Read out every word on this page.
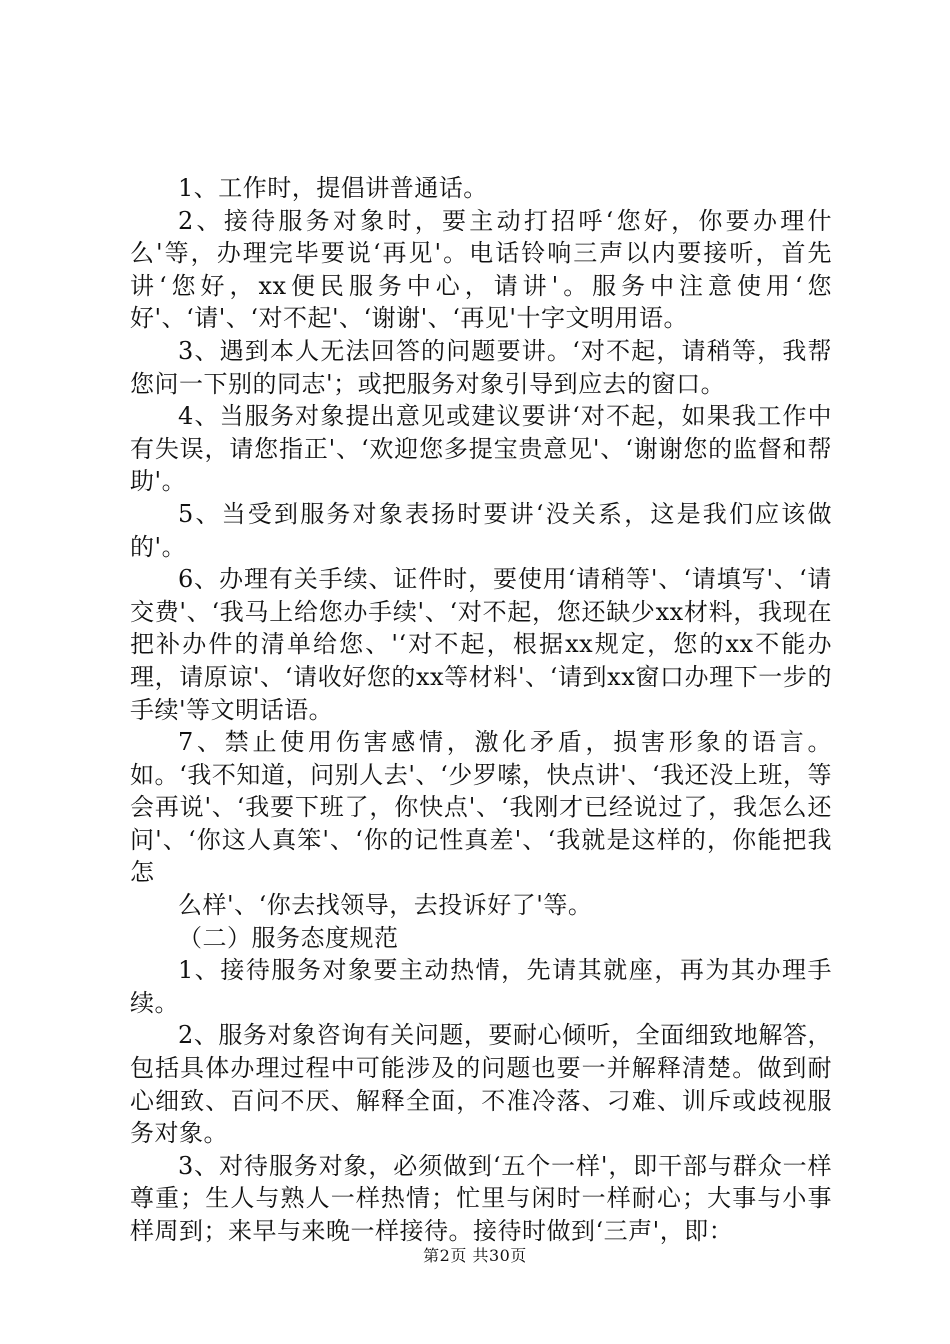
1、工作时，提倡讲普通话。

2、接待服务对象时，要主动打招呼‘您好，你要办理什么'等，办理完毕要说‘再见'。电话铃响三声以内要接听，首先讲‘您好，xx便民服务中心，请讲'。服务中注意使用‘您好'、‘请'、‘对不起'、‘谢谢'、‘再见'十字文明用语。

3、遇到本人无法回答的问题要讲。‘对不起，请稍等，我帮您问一下别的同志'；或把服务对象引导到应去的窗口。

4、当服务对象提出意见或建议要讲‘对不起，如果我工作中有失误，请您指正'、‘欢迎您多提宝贵意见'、‘谢谢您的监督和帮助'。

5、当受到服务对象表扬时要讲‘没关系，这是我们应该做的'。

6、办理有关手续、证件时，要使用‘请稍等'、‘请填写'、‘请交费'、‘我马上给您办手续'、‘对不起，您还缺少xx材料，我现在把补办件的清单给您、'‘对不起，根据xx规定，您的xx不能办理，请原谅'、‘请收好您的xx等材料'、‘请到xx窗口办理下一步的手续'等文明话语。

7、禁止使用伤害感情，激化矛盾，损害形象的语言。如。‘我不知道，问别人去'、‘少罗嗦，快点讲'、‘我还没上班，等会再说'、‘我要下班了，你快点'、‘我刚才已经说过了，我怎么还问'、‘你这人真笨'、‘你的记性真差'、‘我就是这样的，你能把我怎

么样'、‘你去找领导，去投诉好了'等。

（二）服务态度规范

1、接待服务对象要主动热情，先请其就座，再为其办理手续。

2、服务对象咨询有关问题，要耐心倾听，全面细致地解答，包括具体办理过程中可能涉及的问题也要一并解释清楚。做到耐心细致、百问不厌、解释全面，不准冷落、刁难、训斥或歧视服务对象。

3、对待服务对象，必须做到‘五个一样'，即干部与群众一样尊重；生人与熟人一样热情；忙里与闲时一样耐心；大事与小事样周到；来早与来晚一样接待。接待时做到‘三声'，即：

第2页 共30页
